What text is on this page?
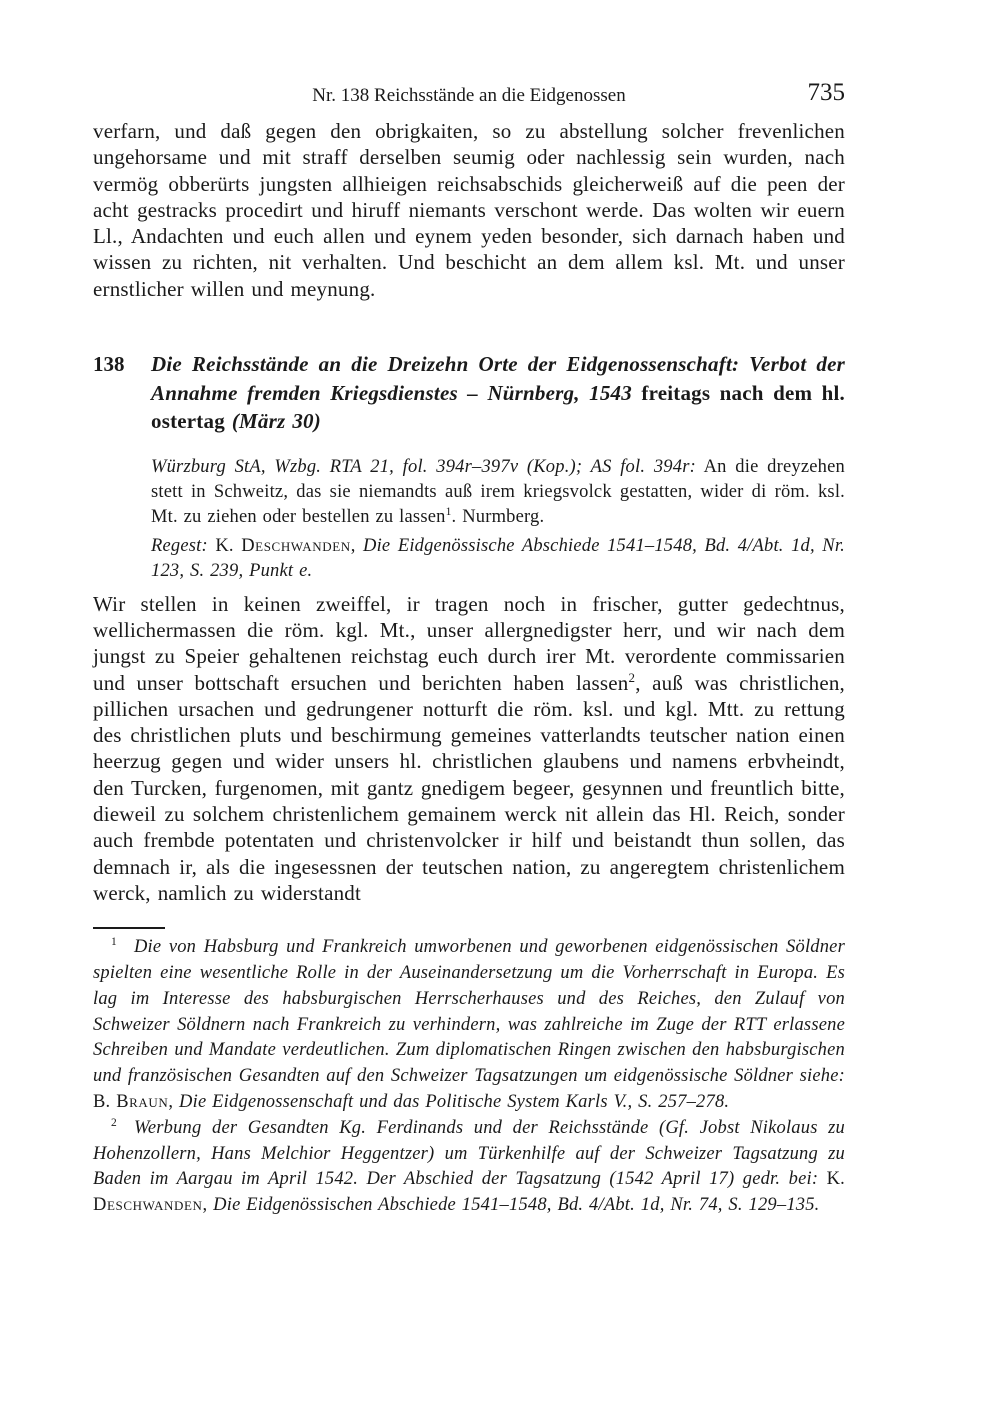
Nr. 138 Reichsstände an die Eidgenossen	735

verfarn, und daß gegen den obrigkaiten, so zu abstellung solcher frevenlichen ungehorsame und mit straff derselben seumig oder nachlessig sein wurden, nach vermög obberürts jungsten allhieigen reichsabschids gleicherweiß auf die peen der acht gestracks procedirt und hiruff niemants verschont werde. Das wolten wir euern Ll., Andachten und euch allen und eynem yeden besonder, sich darnach haben und wissen zu richten, nit verhalten. Und beschicht an dem allem ksl. Mt. und unser ernstlicher willen und meynung.

138	Die Reichsstände an die Dreizehn Orte der Eidgenossenschaft: Verbot der Annahme fremden Kriegsdienstes – Nürnberg, 1543 freitags nach dem hl. ostertag (März 30)

Würzburg StA, Wzbg. RTA 21, fol. 394r–397v (Kop.); AS fol. 394r: An die dreyzehen stett in Schweitz, das sie niemandts auß irem kriegsvolck gestatten, wider di röm. ksl. Mt. zu ziehen oder bestellen zu lassen$^1$. Nurmberg.

Regest: K. Deschwanden, Die Eidgenössische Abschiede 1541–1548, Bd. 4/Abt. 1d, Nr. 123, S. 239, Punkt e.

Wir stellen in keinen zweiffel, ir tragen noch in frischer, gutter gedechtnus, wellichermassen die röm. kgl. Mt., unser allergnedigster herr, und wir nach dem jungst zu Speier gehaltenen reichstag euch durch irer Mt. verordente commissarien und unser bottschaft ersuchen und berichten haben lassen$^2$, auß was christlichen, pillichen ursachen und gedrungener notturft die röm. ksl. und kgl. Mtt. zu rettung des christlichen pluts und beschirmung gemeines vatterlandts teutscher nation einen heerzug gegen und wider unsers hl. christlichen glaubens und namens erbvheindt, den Turcken, furgenomen, mit gantz gnedigem begeer, gesynnen und freuntlich bitte, dieweil zu solchem christenlichem gemainem werck nit allein das Hl. Reich, sonder auch frembde potentaten und christenvolcker ir hilf und beistandt thun sollen, das demnach ir, als die ingesessnen der teutschen nation, zu angeregtem christenlichem werck, namlich zu widerstandt

$^1$ Die von Habsburg und Frankreich umworbenen und geworbenen eidgenössischen Söldner spielten eine wesentliche Rolle in der Auseinandersetzung um die Vorherrschaft in Europa. Es lag im Interesse des habsburgischen Herrscherhauses und des Reiches, den Zulauf von Schweizer Söldnern nach Frankreich zu verhindern, was zahlreiche im Zuge der RTT erlassene Schreiben und Mandate verdeutlichen. Zum diplomatischen Ringen zwischen den habsburgischen und französischen Gesandten auf den Schweizer Tagsatzungen um eidgenössische Söldner siehe: B. Braun, Die Eidgenossenschaft und das Politische System Karls V., S. 257–278.

$^2$ Werbung der Gesandten Kg. Ferdinands und der Reichsstände (Gf. Jobst Nikolaus zu Hohenzollern, Hans Melchior Heggentzer) um Türkenhilfe auf der Schweizer Tagsatzung zu Baden im Aargau im April 1542. Der Abschied der Tagsatzung (1542 April 17) gedr. bei: K. Deschwanden, Die Eidgenössischen Abschiede 1541–1548, Bd. 4/Abt. 1d, Nr. 74, S. 129–135.
